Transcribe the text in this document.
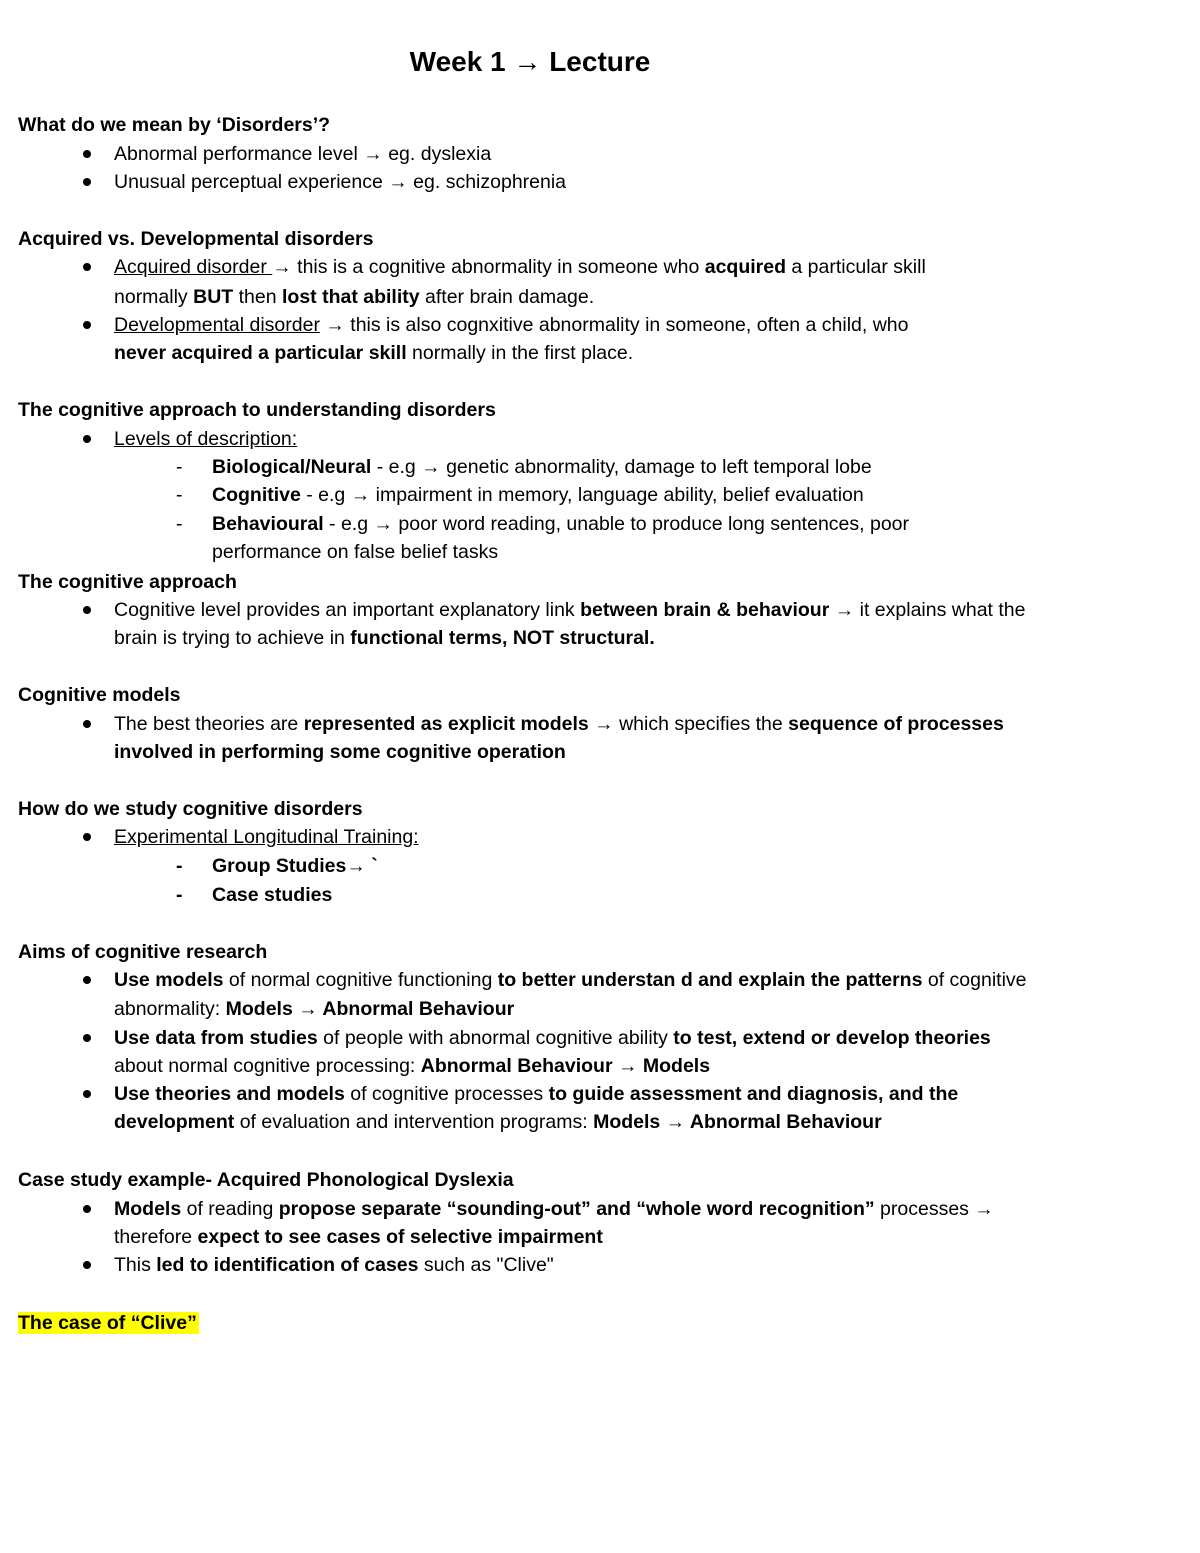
Week 1 → Lecture
What do we mean by ‘Disorders’?
Abnormal performance level → eg. dyslexia
Unusual perceptual experience → eg. schizophrenia
Acquired vs. Developmental disorders
Acquired disorder → this is a cognitive abnormality in someone who acquired a particular skill
normally BUT then lost that ability after brain damage.
Developmental disorder → this is also cognxitive abnormality in someone, often a child, who
never acquired a particular skill normally in the first place.
The cognitive approach to understanding disorders
Levels of description:
- Biological/Neural - e.g → genetic abnormality, damage to left temporal lobe
- Cognitive - e.g → impairment in memory, language ability, belief evaluation
- Behavioural - e.g → poor word reading, unable to produce long sentences, poor
performance on false belief tasks
The cognitive approach
Cognitive level provides an important explanatory link between brain & behaviour → it explains what the
brain is trying to achieve in functional terms, NOT structural.
Cognitive models
The best theories are represented as explicit models → which specifies the sequence of processes
involved in performing some cognitive operation
How do we study cognitive disorders
Experimental Longitudinal Training:
- Group Studies→ `
- Case studies
Aims of cognitive research
Use models of normal cognitive functioning to better understan d and explain the patterns of cognitive
abnormality: Models → Abnormal Behaviour
Use data from studies of people with abnormal cognitive ability to test, extend or develop theories
about normal cognitive processing: Abnormal Behaviour → Models
Use theories and models of cognitive processes to guide assessment and diagnosis, and the
development of evaluation and intervention programs: Models → Abnormal Behaviour
Case study example- Acquired Phonological Dyslexia
Models of reading propose separate “sounding-out” and “whole word recognition” processes →
therefore expect to see cases of selective impairment
This led to identification of cases such as "Clive"
The case of “Clive”
